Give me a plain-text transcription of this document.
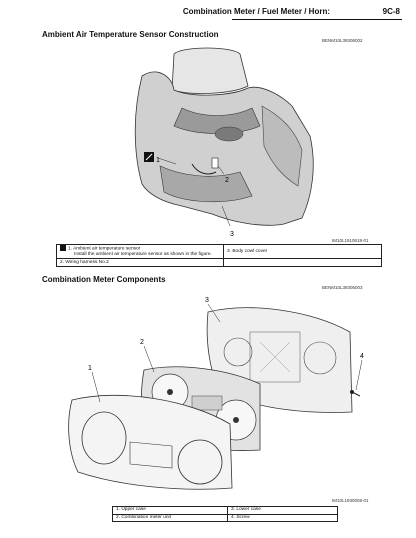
Combination Meter / Fuel Meter / Horn:	9C-8
Ambient Air Temperature Sensor Construction
BENM10L39306002
1
2
3
IM10L1910618-01
1. Ambient air temperature sensor
Install the ambient air temperature sensor as shown in the figure.	3. Body cowl cover
2. Wiring harness No.2	
Combination Meter Components
BENM10L39306003
1
2
3
4
IM10L1930008-01
1. Upper case	3. Lower case
2. Combination meter unit	4. Screw
